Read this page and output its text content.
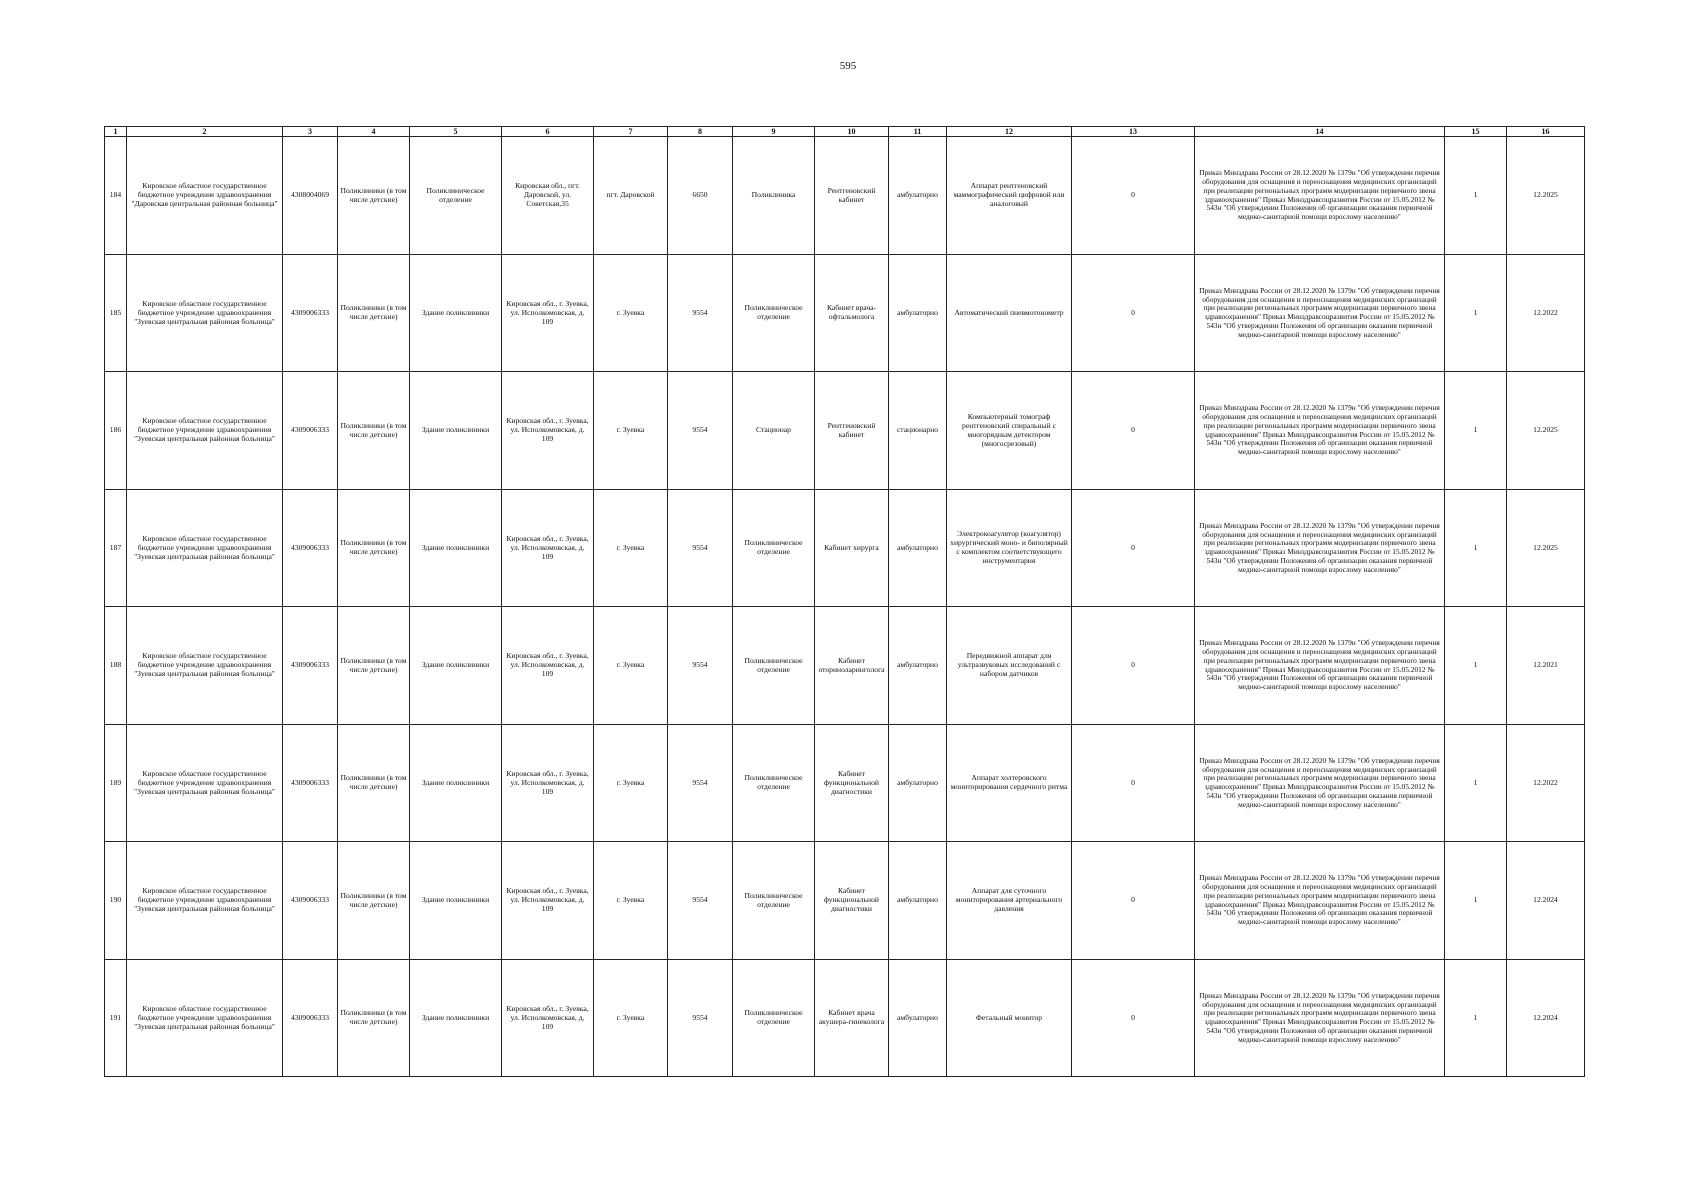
595
1	2	3	4	5	6	7	8	9	10	11	12	13	14	15	16
184	Кировское областное государственное бюджетное учреждение здравоохранения "Даровская центральная районная больница"	4308004069	Поликлиники (в том числе детские)	Поликлиническое отделение	Кировская обл., пгт. Даровской, ул. Советская,35	пгт. Даровской	6650	Поликлиника	Рентгеновский кабинет	амбулаторно	Аппарат рентгеновский маммографический цифровой или аналоговый	0	Приказ Минздрава России от 28.12.2020 № 1379н "Об утверждении перечня оборудования для оснащения и переоснащения медицинских организаций при реализации региональных программ модернизации первичного звена здравоохранения" Приказ Минздравсоцразвития России от 15.05.2012 № 543н "Об утверждении Положения об организации оказания первичной медико-санитарной помощи взрослому населению"	1	12.2025
185	Кировское областное государственное бюджетное учреждение здравоохранения "Зуевская центральная районная больница"	4309006333	Поликлиники (в том числе детские)	Здание поликлиники	Кировская обл., г. Зуевка, ул. Исполкомовская, д. 109	г. Зуевка	9554	Поликлиническое отделение	Кабинет врача-офтальмолога	амбулаторно	Автоматический пневмотонометр	0	Приказ Минздрава России от 28.12.2020 № 1379н "Об утверждении перечня оборудования для оснащения и переоснащения медицинских организаций при реализации региональных программ модернизации первичного звена здравоохранения" Приказ Минздравсоцразвития России от 15.05.2012 № 543н "Об утверждении Положения об организации оказания первичной медико-санитарной помощи взрослому населению"	1	12.2022
186	Кировское областное государственное бюджетное учреждение здравоохранения "Зуевская центральная районная больница"	4309006333	Поликлиники (в том числе детские)	Здание поликлиники	Кировская обл., г. Зуевка, ул. Исполкомовская, д. 109	г. Зуевка	9554	Стационар	Рентгеновский кабинет	стационарно	Компьютерный томограф рентгеновский спиральный с многорядным детектором (многосрезовый)	0	Приказ Минздрава России от 28.12.2020 № 1379н "Об утверждении перечня оборудования для оснащения и переоснащения медицинских организаций при реализации региональных программ модернизации первичного звена здравоохранения" Приказ Минздравсоцразвития России от 15.05.2012 № 543н "Об утверждении Положения об организации оказания первичной медико-санитарной помощи взрослому населению"	1	12.2025
187	Кировское областное государственное бюджетное учреждение здравоохранения "Зуевская центральная районная больница"	4309006333	Поликлиники (в том числе детские)	Здание поликлиники	Кировская обл., г. Зуевка, ул. Исполкомовская, д. 109	г. Зуевка	9554	Поликлиническое отделение	Кабинет хирурга	амбулаторно	Электрокоагулятор (коагулятор) хирургический моно- и биполярный с комплектом соответствующего инструментария	0	Приказ Минздрава России от 28.12.2020 № 1379н "Об утверждении перечня оборудования для оснащения и переоснащения медицинских организаций при реализации региональных программ модернизации первичного звена здравоохранения" Приказ Минздравсоцразвития России от 15.05.2012 № 543н "Об утверждении Положения об организации оказания первичной медико-санитарной помощи взрослому населению"	1	12.2025
188	Кировское областное государственное бюджетное учреждение здравоохранения "Зуевская центральная районная больница"	4309006333	Поликлиники (в том числе детские)	Здание поликлиники	Кировская обл., г. Зуевка, ул. Исполкомовская, д. 109	г. Зуевка	9554	Поликлиническое отделение	Кабинет оториноларинголога	амбулаторно	Передвижной аппарат для ультразвуковых исследований с набором датчиков	0	Приказ Минздрава России от 28.12.2020 № 1379н "Об утверждении перечня оборудования для оснащения и переоснащения медицинских организаций при реализации региональных программ модернизации первичного звена здравоохранения" Приказ Минздравсоцразвития России от 15.05.2012 № 543н "Об утверждении Положения об организации оказания первичной медико-санитарной помощи взрослому населению"	1	12.2021
189	Кировское областное государственное бюджетное учреждение здравоохранения "Зуевская центральная районная больница"	4309006333	Поликлиники (в том числе детские)	Здание поликлиники	Кировская обл., г. Зуевка, ул. Исполкомовская, д. 109	г. Зуевка	9554	Поликлиническое отделение	Кабинет функциональной диагностики	амбулаторно	Аппарат холтеровского мониторирования сердечного ритма	0	Приказ Минздрава России от 28.12.2020 № 1379н "Об утверждении перечня оборудования для оснащения и переоснащения медицинских организаций при реализации региональных программ модернизации первичного звена здравоохранения" Приказ Минздравсоцразвития России от 15.05.2012 № 543н "Об утверждении Положения об организации оказания первичной медико-санитарной помощи взрослому населению"	1	12.2022
190	Кировское областное государственное бюджетное учреждение здравоохранения "Зуевская центральная районная больница"	4309006333	Поликлиники (в том числе детские)	Здание поликлиники	Кировская обл., г. Зуевка, ул. Исполкомовская, д. 109	г. Зуевка	9554	Поликлиническое отделение	Кабинет функциональной диагностики	амбулаторно	Аппарат для суточного мониторирования артериального давления	0	Приказ Минздрава России от 28.12.2020 № 1379н "Об утверждении перечня оборудования для оснащения и переоснащения медицинских организаций при реализации региональных программ модернизации первичного звена здравоохранения" Приказ Минздравсоцразвития России от 15.05.2012 № 543н "Об утверждении Положения об организации оказания первичной медико-санитарной помощи взрослому населению"	1	12.2024
191	Кировское областное государственное бюджетное учреждение здравоохранения "Зуевская центральная районная больница"	4309006333	Поликлиники (в том числе детские)	Здание поликлиники	Кировская обл., г. Зуевка, ул. Исполкомовская, д. 109	г. Зуевка	9554	Поликлиническое отделение	Кабинет врача акушера-гинеколога	амбулаторно	Фетальный монитор	0	Приказ Минздрава России от 28.12.2020 № 1379н "Об утверждении перечня оборудования для оснащения и переоснащения медицинских организаций при реализации региональных программ модернизации первичного звена здравоохранения" Приказ Минздравсоцразвития России от 15.05.2012 № 543н "Об утверждении Положения об организации оказания первичной медико-санитарной помощи взрослому населению"	1	12.2024
